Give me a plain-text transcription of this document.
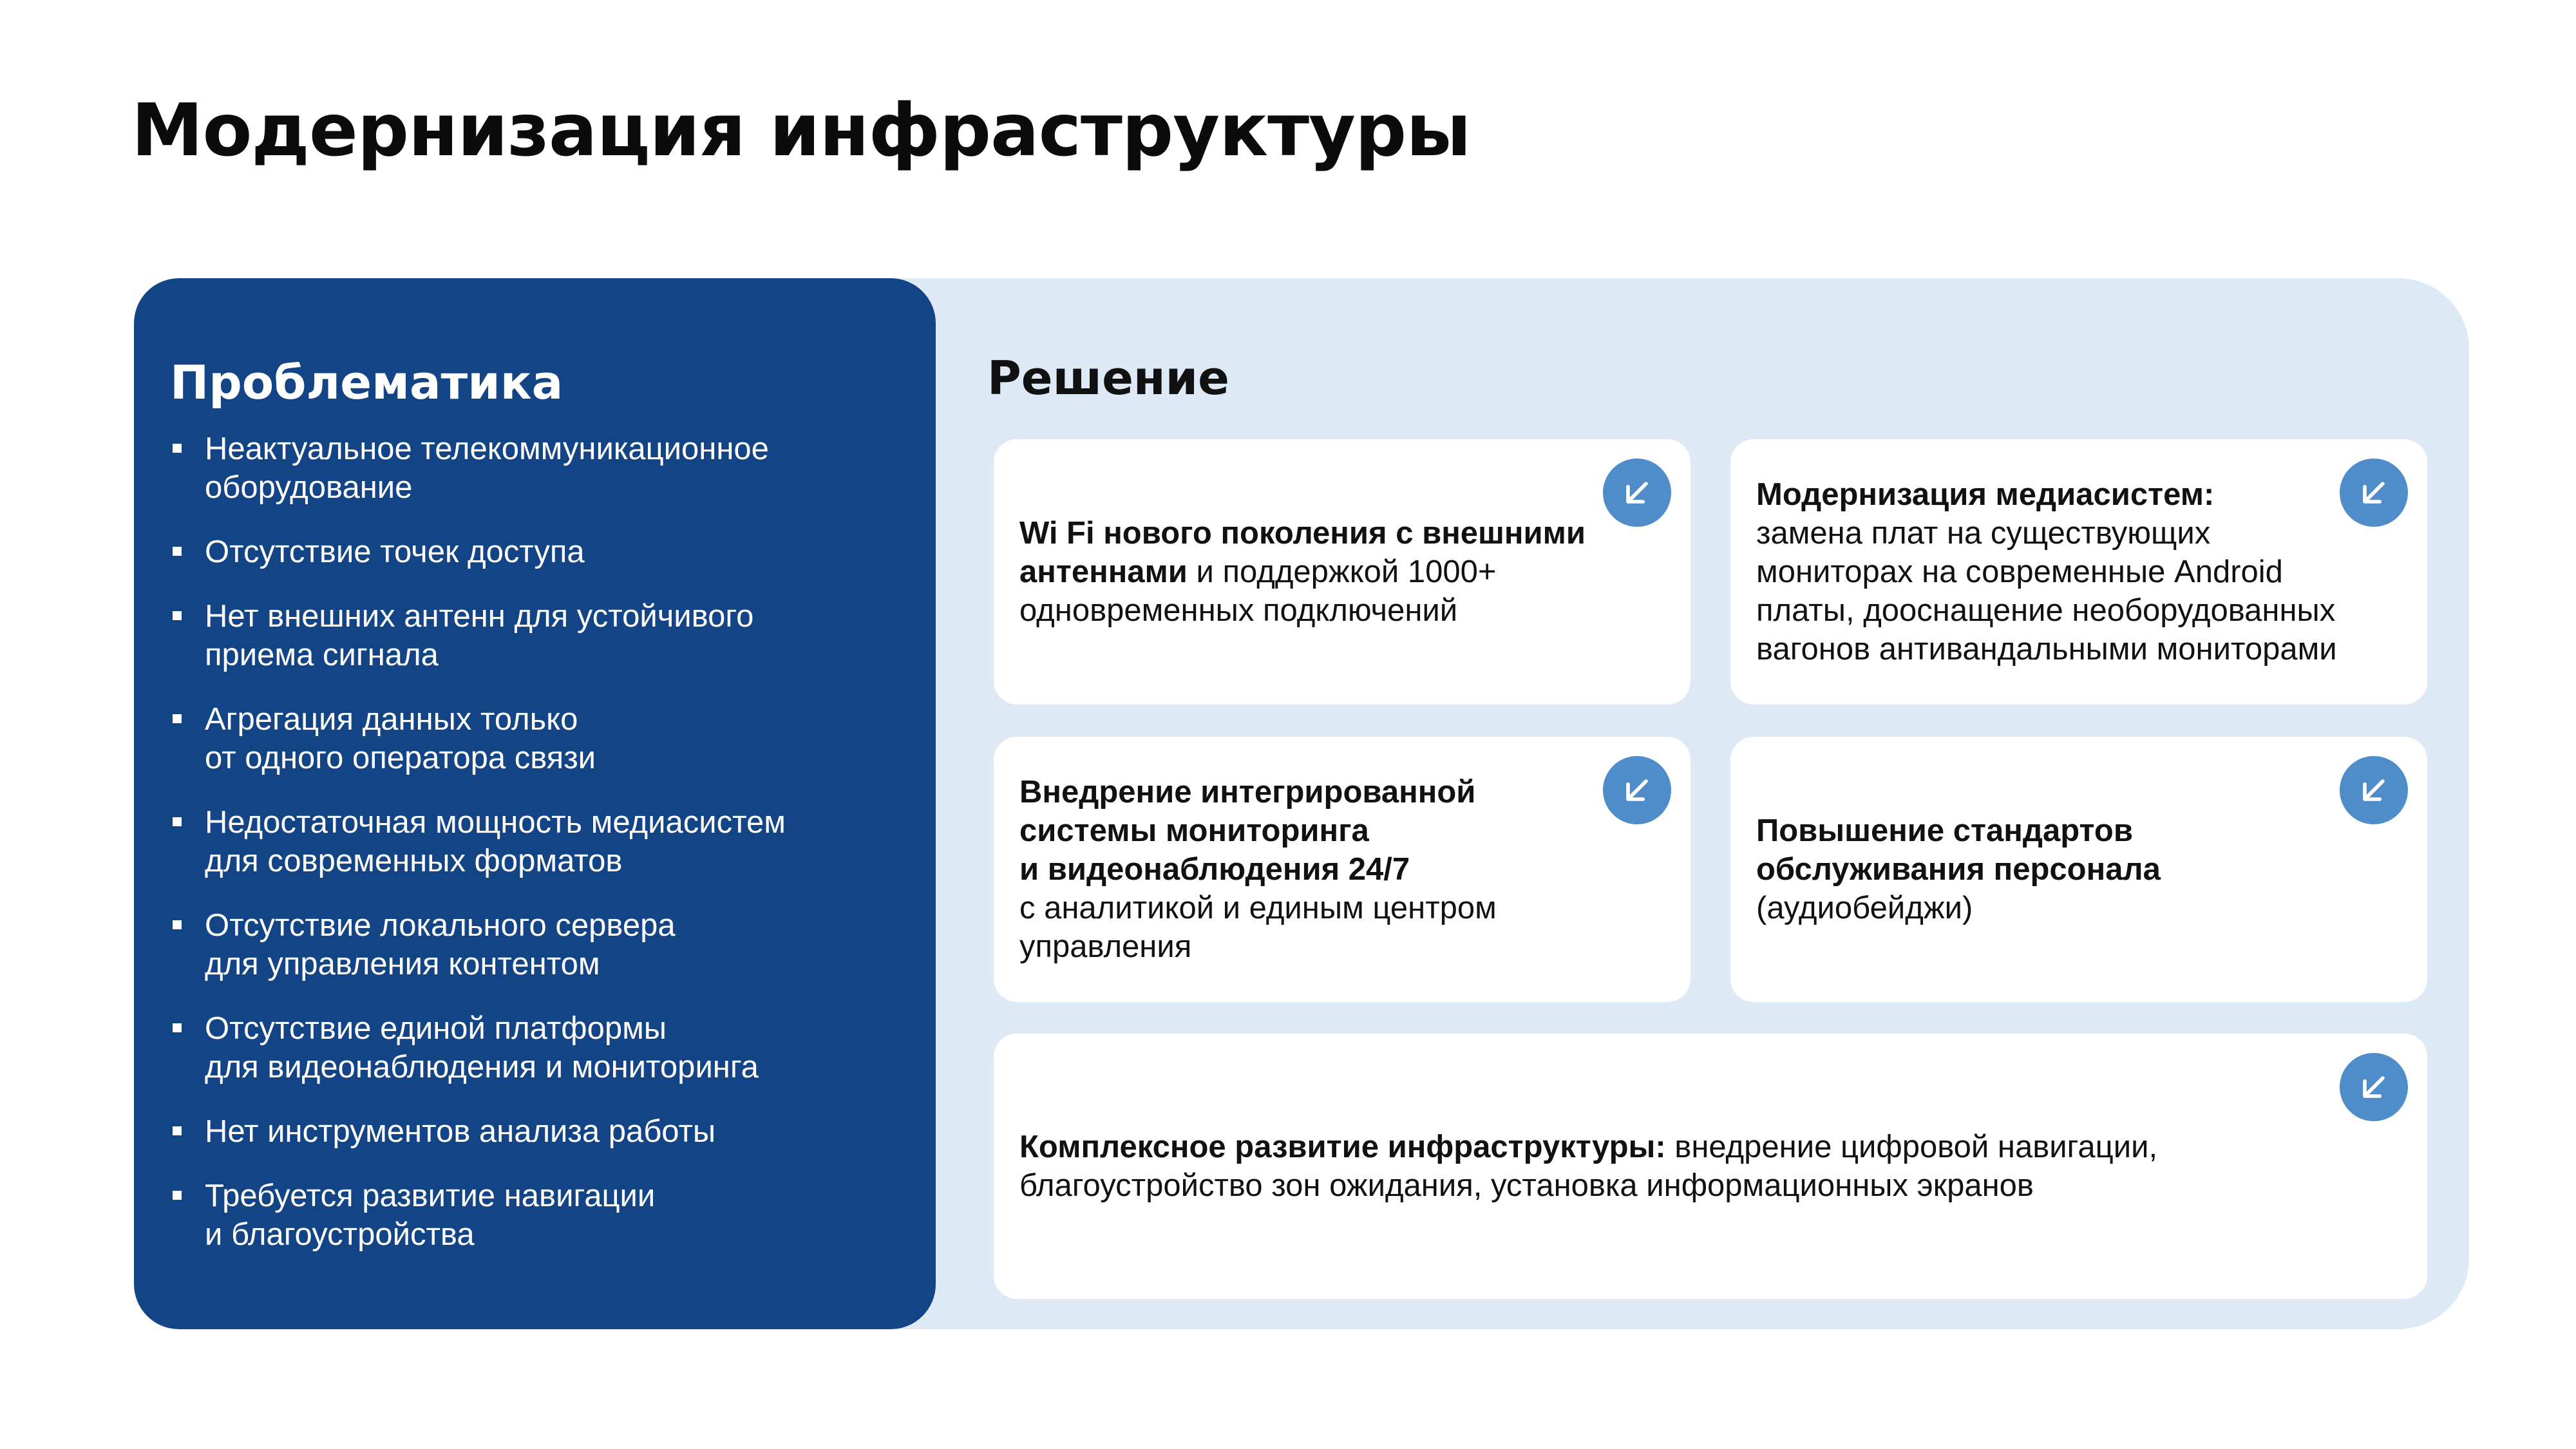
Модернизация инфраструктуры
Проблематика
Неактуальное телекоммуникационное
оборудование
Отсутствие точек доступа
Нет внешних антенн для устойчивого
приема сигнала
Агрегация данных только
от одного оператора связи
Недостаточная мощность медиасистем
для современных форматов
Отсутствие локального сервера
для управления контентом
Отсутствие единой платформы
для видеонаблюдения и мониторинга
Нет инструментов анализа работы
Требуется развитие навигации
и благоустройства
Решение
Wi Fi нового поколения с внешними
антеннами и поддержкой 1000+
одновременных подключений
Модернизация медиасистем:
замена плат на существующих
мониторах на современные Android
платы, дооснащение необорудованных
вагонов антивандальными мониторами
Внедрение интегрированной
системы мониторинга
и видеонаблюдения 24/7
с аналитикой и единым центром
управления
Повышение стандартов
обслуживания персонала
(аудиобейджи)
Комплексное развитие инфраструктуры: внедрение цифровой навигации,
благоустройство зон ожидания, установка информационных экранов
